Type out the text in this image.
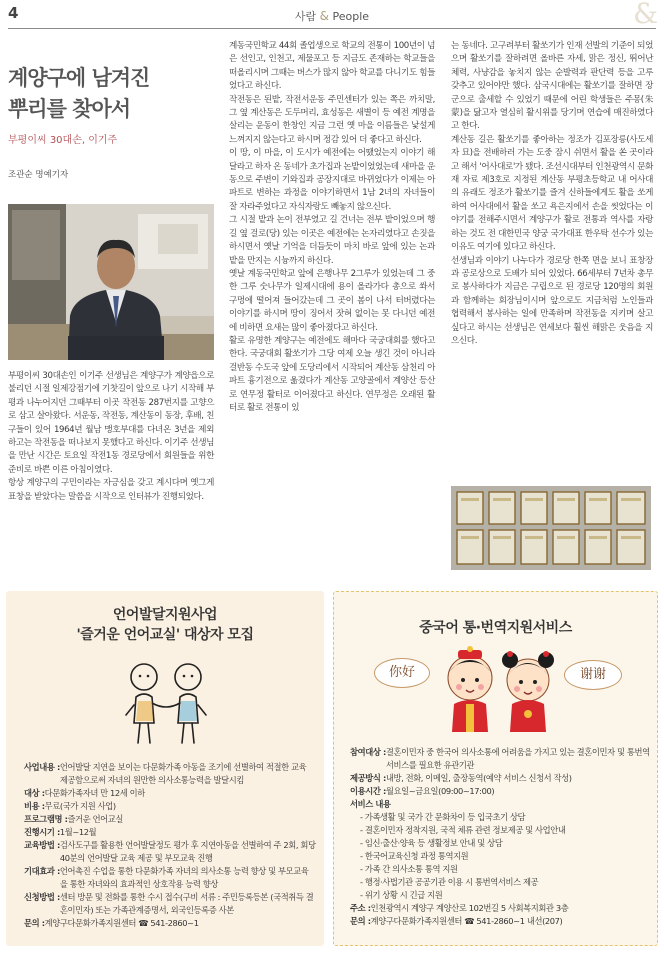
4	사람 & People	&
계양구에 남겨진
뿌리를 찾아서
부평이씨 30대손, 이기주
조관순 명예기자

부평이씨 30대손인 이기주 선생님은 계양구가 계양읍으로 불리던 시절 일제강점기에 기찻길이 앞으로 나기 시작해 부평과 나누어지던 그때부터 이곳 작전동 287번지를 고향으로 삼고 살아왔다. 서운동, 작전동, 계산동이 동장, 후배, 친구들이 있어 1964년 월남 맹호부대를 다녀온 3년을 제외하고는 작전동을 떠나보지 못했다고 하신다. 이기주 선생님을 만난 시간은 토요일 작전1동 경로당에서 회원들을 위한 준비로 바쁜 이른 아침이였다.

항상 계양구의 구민이라는 자긍심을 갖고 계시다며 옛그게 표창을 받았다는 말씀을 시작으로 인터뷰가 진행되었다.

계동국민학교 44회 졸업생으로 학교의 전통이 100년이 넘은 선인고, 인천고, 제물포고 등 지금도 존재하는 학교들을 떠올리시며 그때는 버스가 많지 않아 학교를 다니기도 힘들었다고 하신다.

작전동은 된밭, 작전서운동 주민센터가 있는 쪽은 까치말, 그 옆 계산동은 도두머리, 효성동은 새별이 등 예전 계명을 살리는 운동이 한창인 지금 그런 옛 마을 이름들은 낯설게 느껴지지 않는다고 하시며 정감 있어 더 좋다고 하신다.

이 땅, 이 마을, 이 도시가 예전에는 어땠었는지 이야기 해달라고 하자 온 동네가 초가집과 논밭이었었는데 새마을 운동으로 주변이 기와집과 공장지대로 바뀌었다가 이제는 아파트로 변하는 과정을 이야기하면서 1남 2녀의 자녀들이 잘 자라주었다고 자식자랑도 빼놓지 않으신다.

그 시절 밭과 논이 전부였고 길 건너는 전부 밭이었으며 행길 옆 걸로(당) 있는 이곳은 예전에는 논자리였다고 손짓을 하시면서 옛날 기억을 더듬듯이 마치 바로 앞에 있는 논과 밭을 만지는 시늉까지 하신다.

옛날 계동국민학교 앞에 은행나무 2그루가 있었는데 그 중 한 그루 숫나무가 일제시대에 용이 올라가다 총으로 쏴서 구멍에 떨어져 들어갔는데 그 곳이 봄이 나서 터버렸다는 이야기를 하시며 땅이 징어서 잣혀 없이는 못 다니던 예전에 비하면 요새는 많이 좋아졌다고 하신다.

활로 유명한 계양구는 예전에도 해마다 국궁대회를 했다고 한다. 국궁대회 활쏘기가 그당 여제 오늘 생긴 것이 아니라 걸반동 수도국 앞에 도당리에서 시작되어 계산동 삼천리 아파트 흉기전으로 옮겼다가 계산동 고양골에서 계양산 등산로 연무정 활터로 이어졌다고 하신다. 연무정은 오래된 활터로 활로 전통이 있

는 동네다. 고구려부터 활쏘기가 인재 선발의 기준이 되었으며 활쏘기를 잘하려면 올바른 자세, 맑은 정신, 뛰어난 체력, 사냥감을 놓치지 않는 순발력과 판단력 등을 고루 갖추고 있어야만 했다. 삼국시대에는 활쏘기를 잘하면 장군으로 출세할 수 있었기 때문에 어린 학생들은 주몽(朱蒙)을 닮고자 열심히 활시위를 당기며 연습에 매진하였다고 한다.

계산동 길은 활쏘기를 좋아하는 정조가 김포장릉(사도세자 묘)을 전배하러 가는 도중 잠시 쉬면서 활을 쏜 곳이라고 해서 '어사대로'가 됐다. 조선시대부터 인천광역시 문화재 자료 제3호로 지정된 계산동 부평초등학교 내 어사대의 유래도 정조가 활쏘기를 즐겨 신하들에게도 활을 쏘게 하여 어사대에서 활을 쏘고 욕은지에서 손을 씻었다는 이야기를 전해주시면서 계양구가 활로 전통과 역사를 자랑하는 것도 전 대한민국 양궁 국가대표 한우탁 선수가 있는 이유도 여기에 있다고 하신다.

선생님과 이야기 나누다가 경로당 한쪽 면을 보니 표창장과 공로상으로 도배가 되어 있었다. 66세부터 7년차 총무로 봉사하다가 지금은 구립으로 된 경로당 120명의 회원과 함께하는 회장님이시며 앞으로도 지금처럼 노인들과 협력해서 봉사하는 일에 만족하며 작전동을 지키며 살고 싶다고 하시는 선생님은 연세보다 훨씬 해맑은 웃음을 지으신다.

언어발달지원사업
'즐거운 언어교실' 대상자 모집
사업내용 : 언어발달 지연을 보이는 다문화가족 아동을 조기에 선별하여 적절한 교육 제공함으로써 자녀의 원만한 의사소통능력을 발달시킴
대상 : 다문화가족자녀 만 12세 이하
비용 : 무료(국가 지원 사업)
프로그램명 : 즐거운 언어교실
진행시기 : 1월~12월
교육방법 : 검사도구를 활용한 언어발달정도 평가 후 지연아동을 선별하여 주 2회, 회당 40분의 언어발달 교육 제공 및 부모교육 진행
기대효과 : 언어촉진 수업을 통한 다문화가족 자녀의 의사소통 능력 향상 및 부모교육을 통한 자녀와의 효과적인 상호작용 능력 향상
신청방법 : 센터 방문 및 전화를 통한 수시 접수(구비 서류 : 주민등록등본 (국적취득 결혼이민자) 또는 가족관계증명서, 외국인등록증 사본
문의 : 계양구다문화가족지원센터 ☎ 541-2860~1
중국어 통·번역지원서비스
你好	谢谢
참여대상 : 결혼이민자 중 한국어 의사소통에 어려움을 가지고 있는 결혼이민자 및 통번역서비스를 필요한 유관기관
제공방식 : 내방, 전화, 이메일, 출장동역(예약 서비스 신청서 작성)
이용시간 : 월요일~금요일(09:00~17:00)
서비스 내용
- 가족생활 및 국가 간 문화차이 등 입국초기 상담
- 결혼이민자 정착지원, 국적 체류 관련 정보제공 및 사업안내
- 임신·출산·양육 등 생활정보 안내 및 상담
- 한국어교육신청 과정 통역지원
- 가족 간 의사소통 통역 지원
- 행정·사법기관 공공기관 이용 시 통번역서비스 제공
- 위기 상황 시 긴급 지원
주소 : 인천광역시 계양구 계양산로 102번길 5 사회복지회관 3층
문의 : 계양구다문화가족지원센터 ☎ 541-2860~1 내선(207)
